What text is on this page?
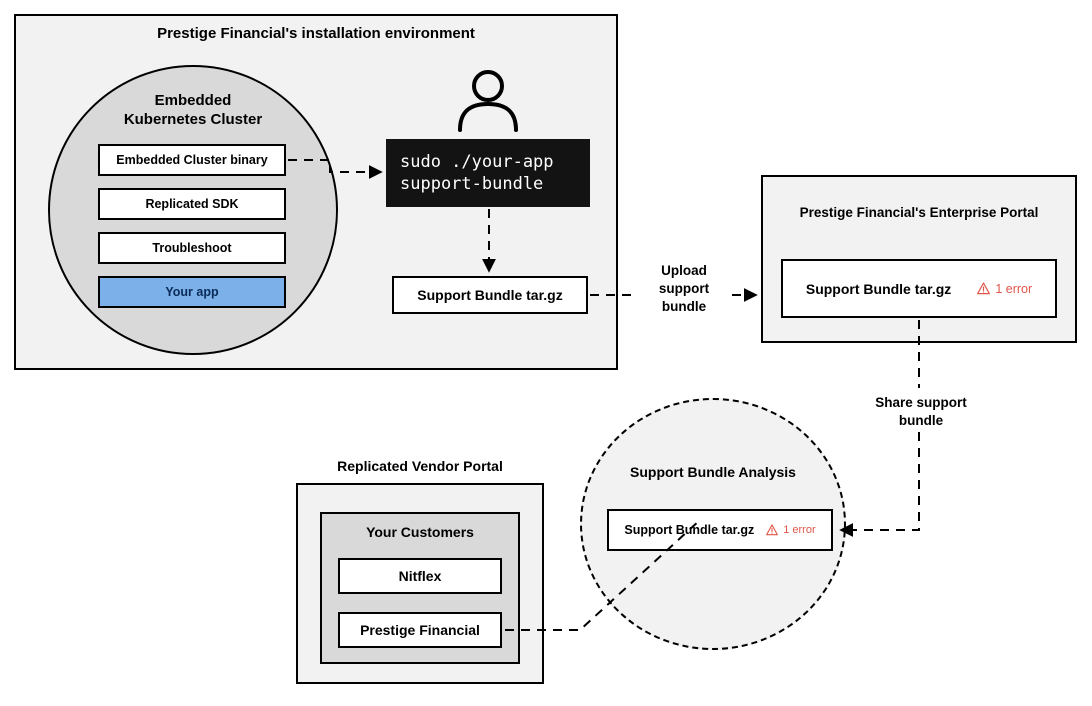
Prestige Financial's installation environment
Embedded
Kubernetes Cluster
Embedded Cluster binary
Replicated SDK
Troubleshoot
Your app
sudo ./your-app
support-bundle
Support Bundle tar.gz
Upload
support
bundle
Prestige Financial's Enterprise Portal
Support Bundle tar.gz	1 error
Share support
bundle
Support Bundle Analysis
Support Bundle tar.gz	1 error
Replicated Vendor Portal
Your Customers
Nitflex
Prestige Financial
